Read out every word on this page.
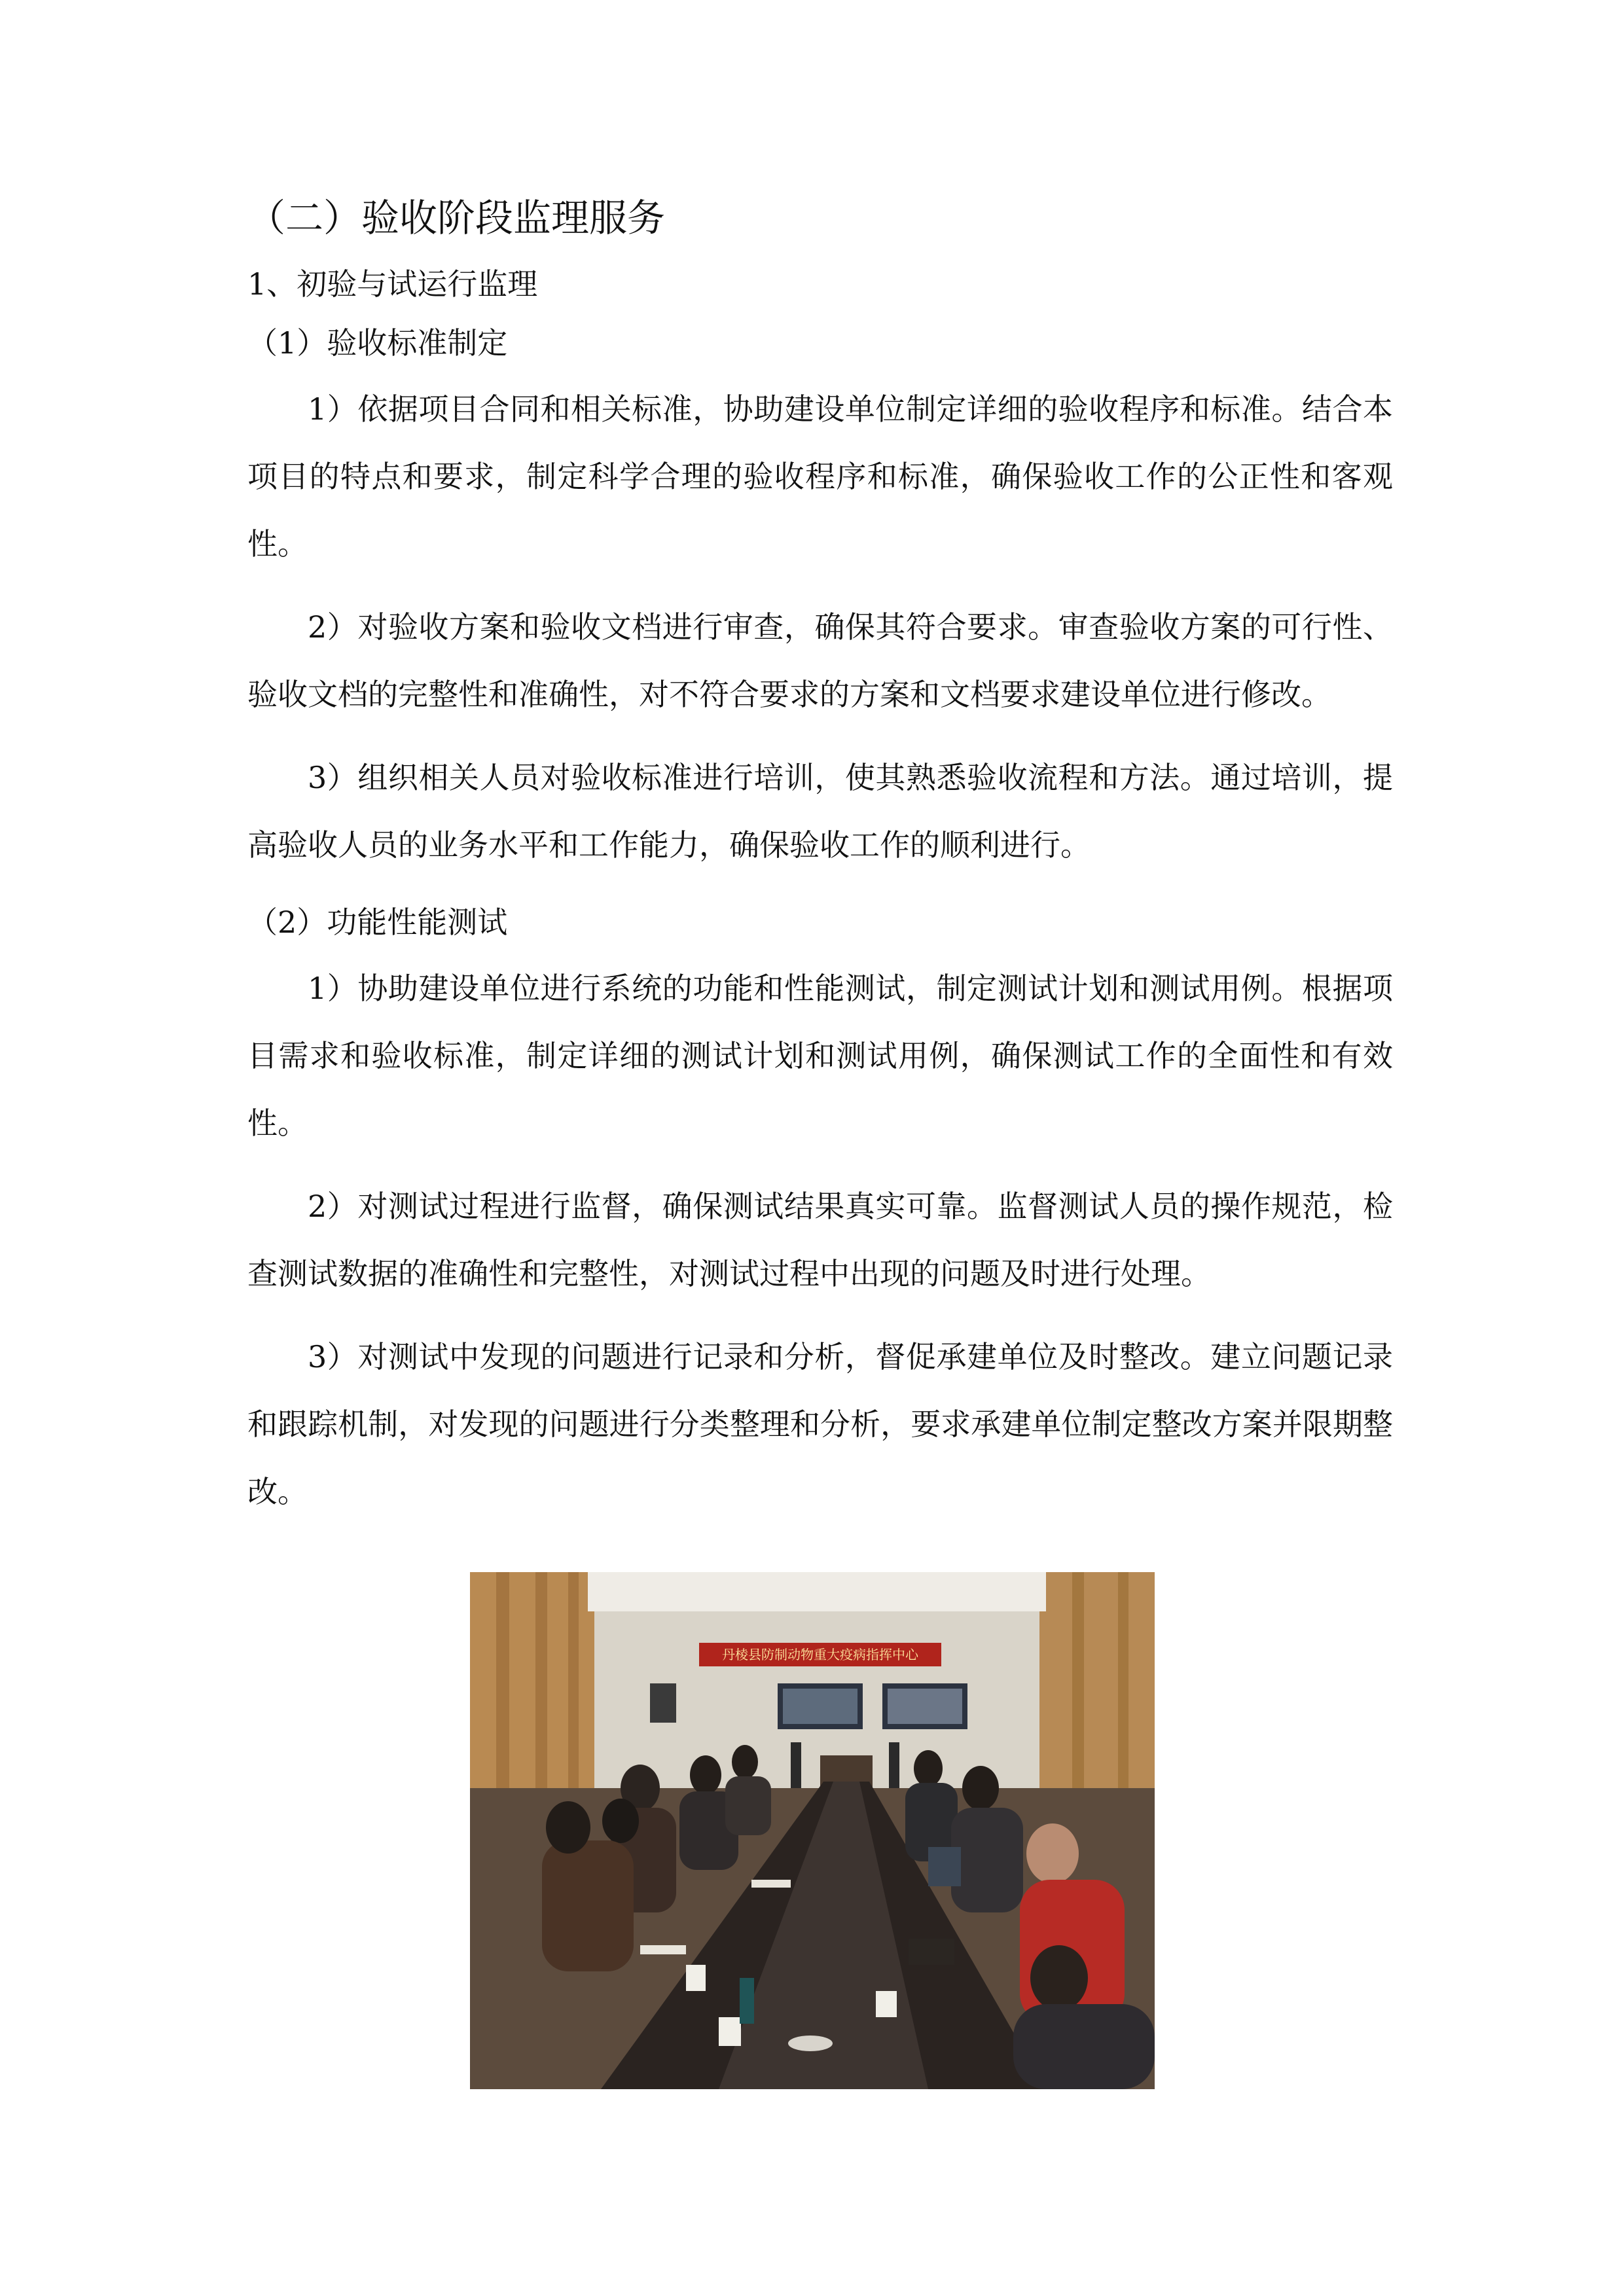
（二）验收阶段监理服务
1、初验与试运行监理
（1）验收标准制定

1）依据项目合同和相关标准，协助建设单位制定详细的验收程序和标准。结合本项目的特点和要求，制定科学合理的验收程序和标准，确保验收工作的公正性和客观性。

2）对验收方案和验收文档进行审查，确保其符合要求。审查验收方案的可行性、验收文档的完整性和准确性，对不符合要求的方案和文档要求建设单位进行修改。

3）组织相关人员对验收标准进行培训，使其熟悉验收流程和方法。通过培训，提高验收人员的业务水平和工作能力，确保验收工作的顺利进行。

（2）功能性能测试

1）协助建设单位进行系统的功能和性能测试，制定测试计划和测试用例。根据项目需求和验收标准，制定详细的测试计划和测试用例，确保测试工作的全面性和有效性。

2）对测试过程进行监督，确保测试结果真实可靠。监督测试人员的操作规范，检查测试数据的准确性和完整性，对测试过程中出现的问题及时进行处理。

3）对测试中发现的问题进行记录和分析，督促承建单位及时整改。建立问题记录和跟踪机制，对发现的问题进行分类整理和分析，要求承建单位制定整改方案并限期整改。

丹棱县防制动物重大疫病指挥中心
